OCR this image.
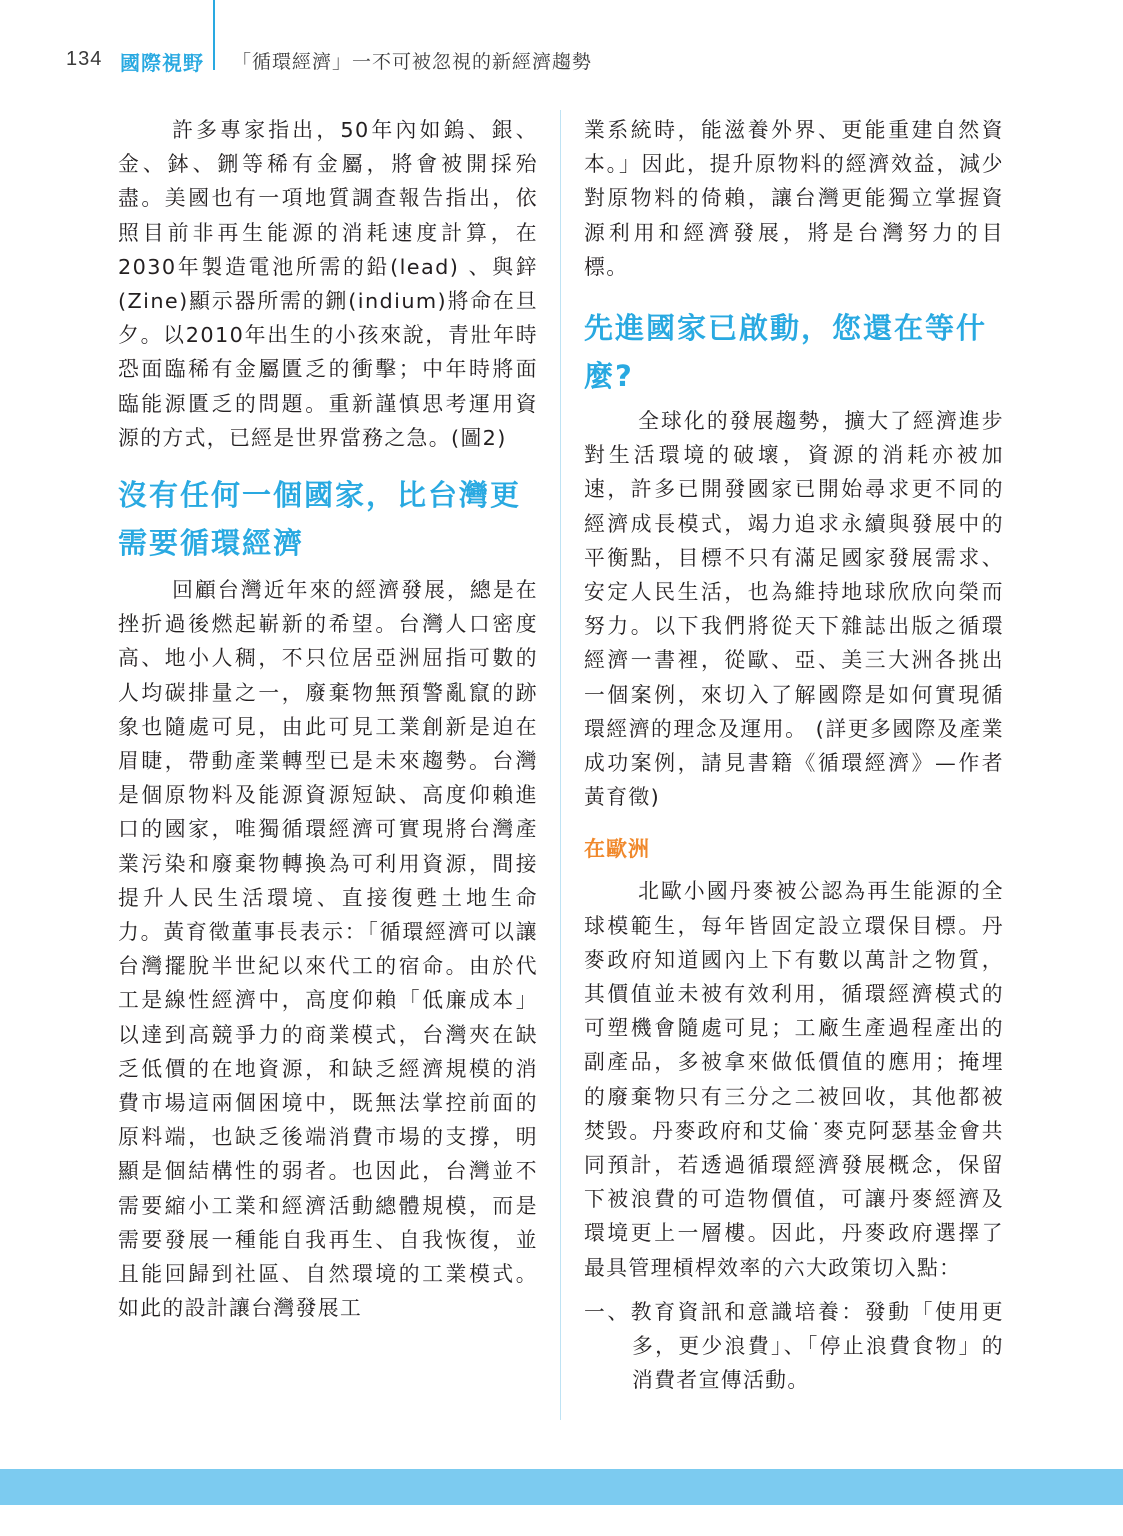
134 國際視野 「循環經濟」一不可被忽視的新經濟趨勢

許多專家指出，50年內如鎢、銀、金、鉢、鉶等稀有金屬，將會被開採殆盡。美國也有一項地質調查報告指出，依照目前非再生能源的消耗速度計算，在2030年製造電池所需的鉛(lead) 、與鋅(Zine)顯示器所需的鉶(indium)將命在旦夕。以2010年出生的小孩來說，青壯年時恐面臨稀有金屬匱乏的衝擊；中年時將面臨能源匱乏的問題。重新謹慎思考運用資源的方式，已經是世界當務之急。(圖2)

沒有任何一個國家，比台灣更需要循環經濟

回顧台灣近年來的經濟發展，總是在挫折過後燃起嶄新的希望。台灣人口密度高、地小人稠，不只位居亞洲屈指可數的人均碳排量之一，廢棄物無預警亂竄的跡象也隨處可見，由此可見工業創新是迫在眉睫，帶動產業轉型已是未來趨勢。台灣是個原物料及能源資源短缺、高度仰賴進口的國家，唯獨循環經濟可實現將台灣產業污染和廢棄物轉換為可利用資源，間接提升人民生活環境、直接復甦土地生命力。黃育徵董事長表示：「循環經濟可以讓台灣擺脫半世紀以來代工的宿命。由於代工是線性經濟中，高度仰賴「低廉成本」以達到高競爭力的商業模式，台灣夾在缺乏低價的在地資源，和缺乏經濟規模的消費市場這兩個困境中，既無法掌控前面的原料端，也缺乏後端消費市場的支撐，明顯是個結構性的弱者。也因此，台灣並不需要縮小工業和經濟活動總體規模，而是需要發展一種能自我再生、自我恢復，並且能回歸到社區、自然環境的工業模式。如此的設計讓台灣發展工

業系統時，能滋養外界、更能重建自然資本。」因此，提升原物料的經濟效益，減少對原物料的倚賴，讓台灣更能獨立掌握資源利用和經濟發展，將是台灣努力的目標。

先進國家已啟動，您還在等什麼?

全球化的發展趨勢，擴大了經濟進步對生活環境的破壞，資源的消耗亦被加速，許多已開發國家已開始尋求更不同的經濟成長模式，竭力追求永續與發展中的平衡點，目標不只有滿足國家發展需求、安定人民生活，也為維持地球欣欣向榮而努力。以下我們將從天下雜誌出版之循環經濟一書裡，從歐、亞、美三大洲各挑出一個案例，來切入了解國際是如何實現循環經濟的理念及運用。 (詳更多國際及產業成功案例，請見書籍《循環經濟》—作者黃育徵)

在歐洲

北歐小國丹麥被公認為再生能源的全球模範生，每年皆固定設立環保目標。丹麥政府知道國內上下有數以萬計之物質，其價值並未被有效利用，循環經濟模式的可塑機會隨處可見；工廠生產過程產出的副產品，多被拿來做低價值的應用；掩埋的廢棄物只有三分之二被回收，其他都被焚毀。丹麥政府和艾倫˙麥克阿瑟基金會共同預計，若透過循環經濟發展概念，保留下被浪費的可造物價值，可讓丹麥經濟及環境更上一層樓。因此，丹麥政府選擇了最具管理槓桿效率的六大政策切入點：

一、教育資訊和意識培養：發動「使用更多，更少浪費」、「停止浪費食物」的消費者宣傳活動。
